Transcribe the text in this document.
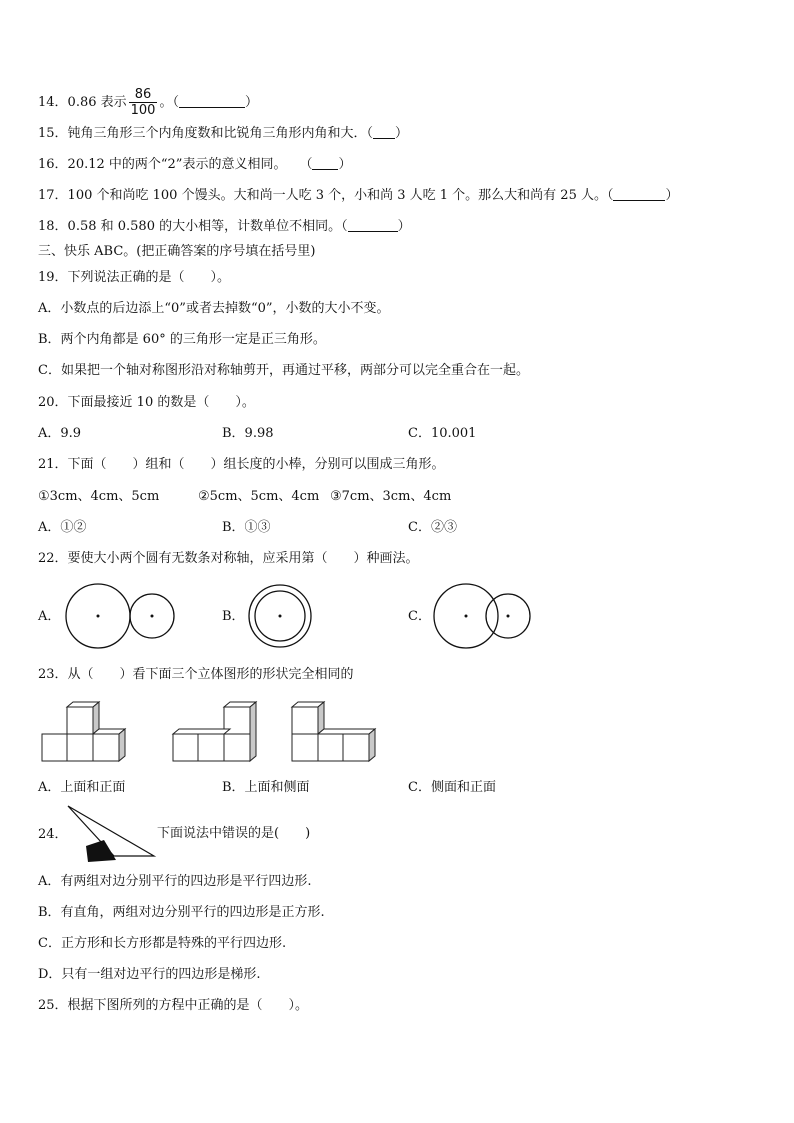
14．0.86 表示 $\frac{86}{100}$ 。（	）
15．钝角三角形三个内角度数和比锐角三角形内角和大．（ ）
16．20.12 中的两个“2”表示的意义相同。　　（ ）
17．100 个和尚吃 100 个馒头。大和尚一人吃 3 个，小和尚 3 人吃 1 个。那么大和尚有 25 人。（	）
18．0.58 和 0.580 的大小相等，计数单位不相同。（	）
三、快乐 ABC。(把正确答案的序号填在括号里)
19．下列说法正确的是（　　）。
A．小数点的后边添上“0”或者去掉数“0”，小数的大小不变。
B．两个内角都是 60° 的三角形一定是正三角形。
C．如果把一个轴对称图形沿对称轴剪开，再通过平移，两部分可以完全重合在一起。
20．下面最接近 10 的数是（　　）。
A．9.9	B．9.98	C．10.001
21．下面（　　）组和（　　）组长度的小棒，分别可以围成三角形。
①3cm、4cm、5cm	②5cm、5cm、4cm ③7cm、3cm、4cm
A．①②	B．①③	C．②③
22．要使大小两个圆有无数条对称轴，应采用第（　　）种画法。
A．	B．	C．
23．从（　　）看下面三个立体图形的形状完全相同的
A．上面和正面	B．上面和侧面	C．侧面和正面
24．	下面说法中错误的是(　　)
A．有两组对边分别平行的四边形是平行四边形.
B．有直角，两组对边分别平行的四边形是正方形.
C．正方形和长方形都是特殊的平行四边形.
D．只有一组对边平行的四边形是梯形.
25．根据下图所列的方程中正确的是（　　）。
